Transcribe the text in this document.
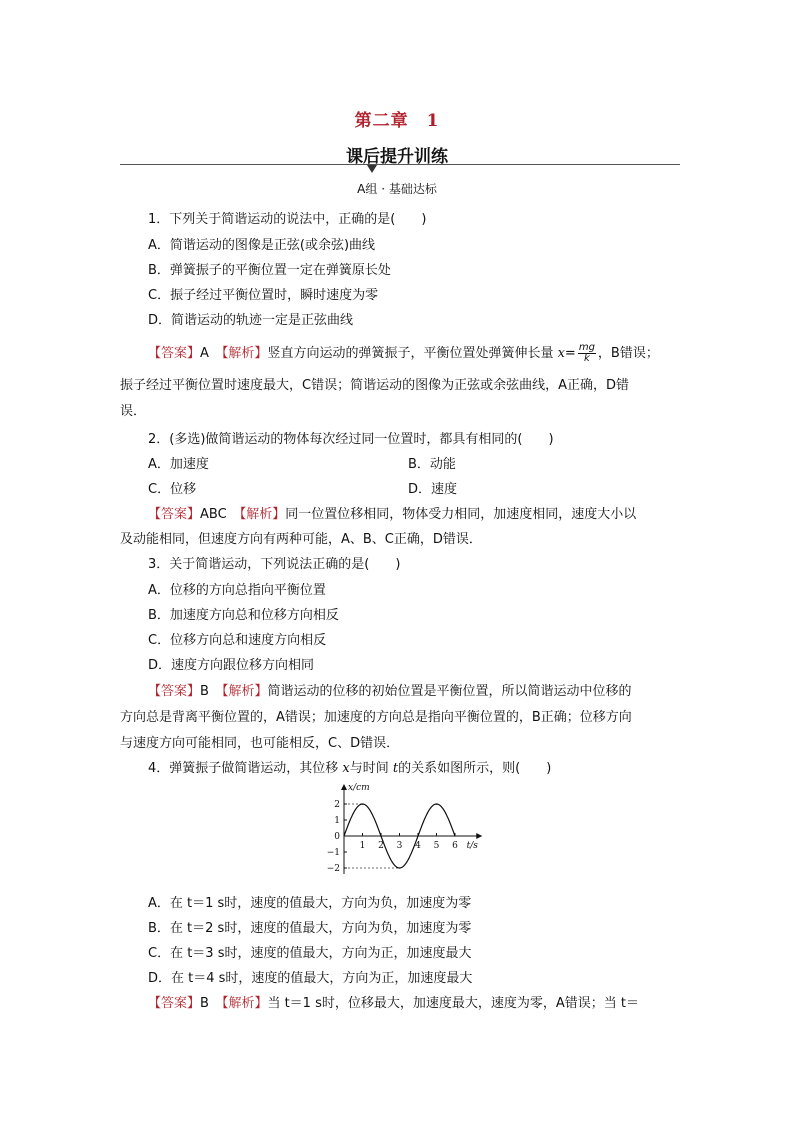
第二章　1
课后提升训练
A组 · 基础达标
1．下列关于简谐运动的说法中，正确的是(　　)
A．简谐运动的图像是正弦(或余弦)曲线
B．弹簧振子的平衡位置一定在弹簧原长处
C．振子经过平衡位置时，瞬时速度为零
D．简谐运动的轨迹一定是正弦曲线
【答案】A　【解析】竖直方向运动的弹簧振子，平衡位置处弹簧伸长量 $x= \frac{mg}{k}$ ，B错误；
振子经过平衡位置时速度最大，C错误；简谐运动的图像为正弦或余弦曲线，A正确，D错
误．
2．(多选)做简谐运动的物体每次经过同一位置时，都具有相同的(　　)
A．加速度	B．动能
C．位移	D．速度
【答案】ABC　【解析】同一位置位移相同，物体受力相同，加速度相同，速度大小以
及动能相同，但速度方向有两种可能，A、B、C正确，D错误．
3．关于简谐运动，下列说法正确的是(　　)
A．位移的方向总指向平衡位置
B．加速度方向总和位移方向相反
C．位移方向总和速度方向相反
D．速度方向跟位移方向相同
【答案】B　【解析】简谐运动的位移的初始位置是平衡位置，所以简谐运动中位移的
方向总是背离平衡位置的，A错误；加速度的方向总是指向平衡位置的，B正确；位移方向
与速度方向可能相同，也可能相反，C、D错误．
4．弹簧振子做简谐运动，其位移 x与时间 t的关系如图所示，则(　　)
1 2 3 4 5 6
2
1
0
−1
−2
t/s
x/cm
A．在 t＝1 s时，速度的值最大，方向为负，加速度为零
B．在 t＝2 s时，速度的值最大，方向为负，加速度为零
C．在 t＝3 s时，速度的值最大，方向为正，加速度最大
D．在 t＝4 s时，速度的值最大，方向为正，加速度最大
【答案】B　【解析】当 t＝1 s时，位移最大，加速度最大，速度为零，A错误；当 t＝
